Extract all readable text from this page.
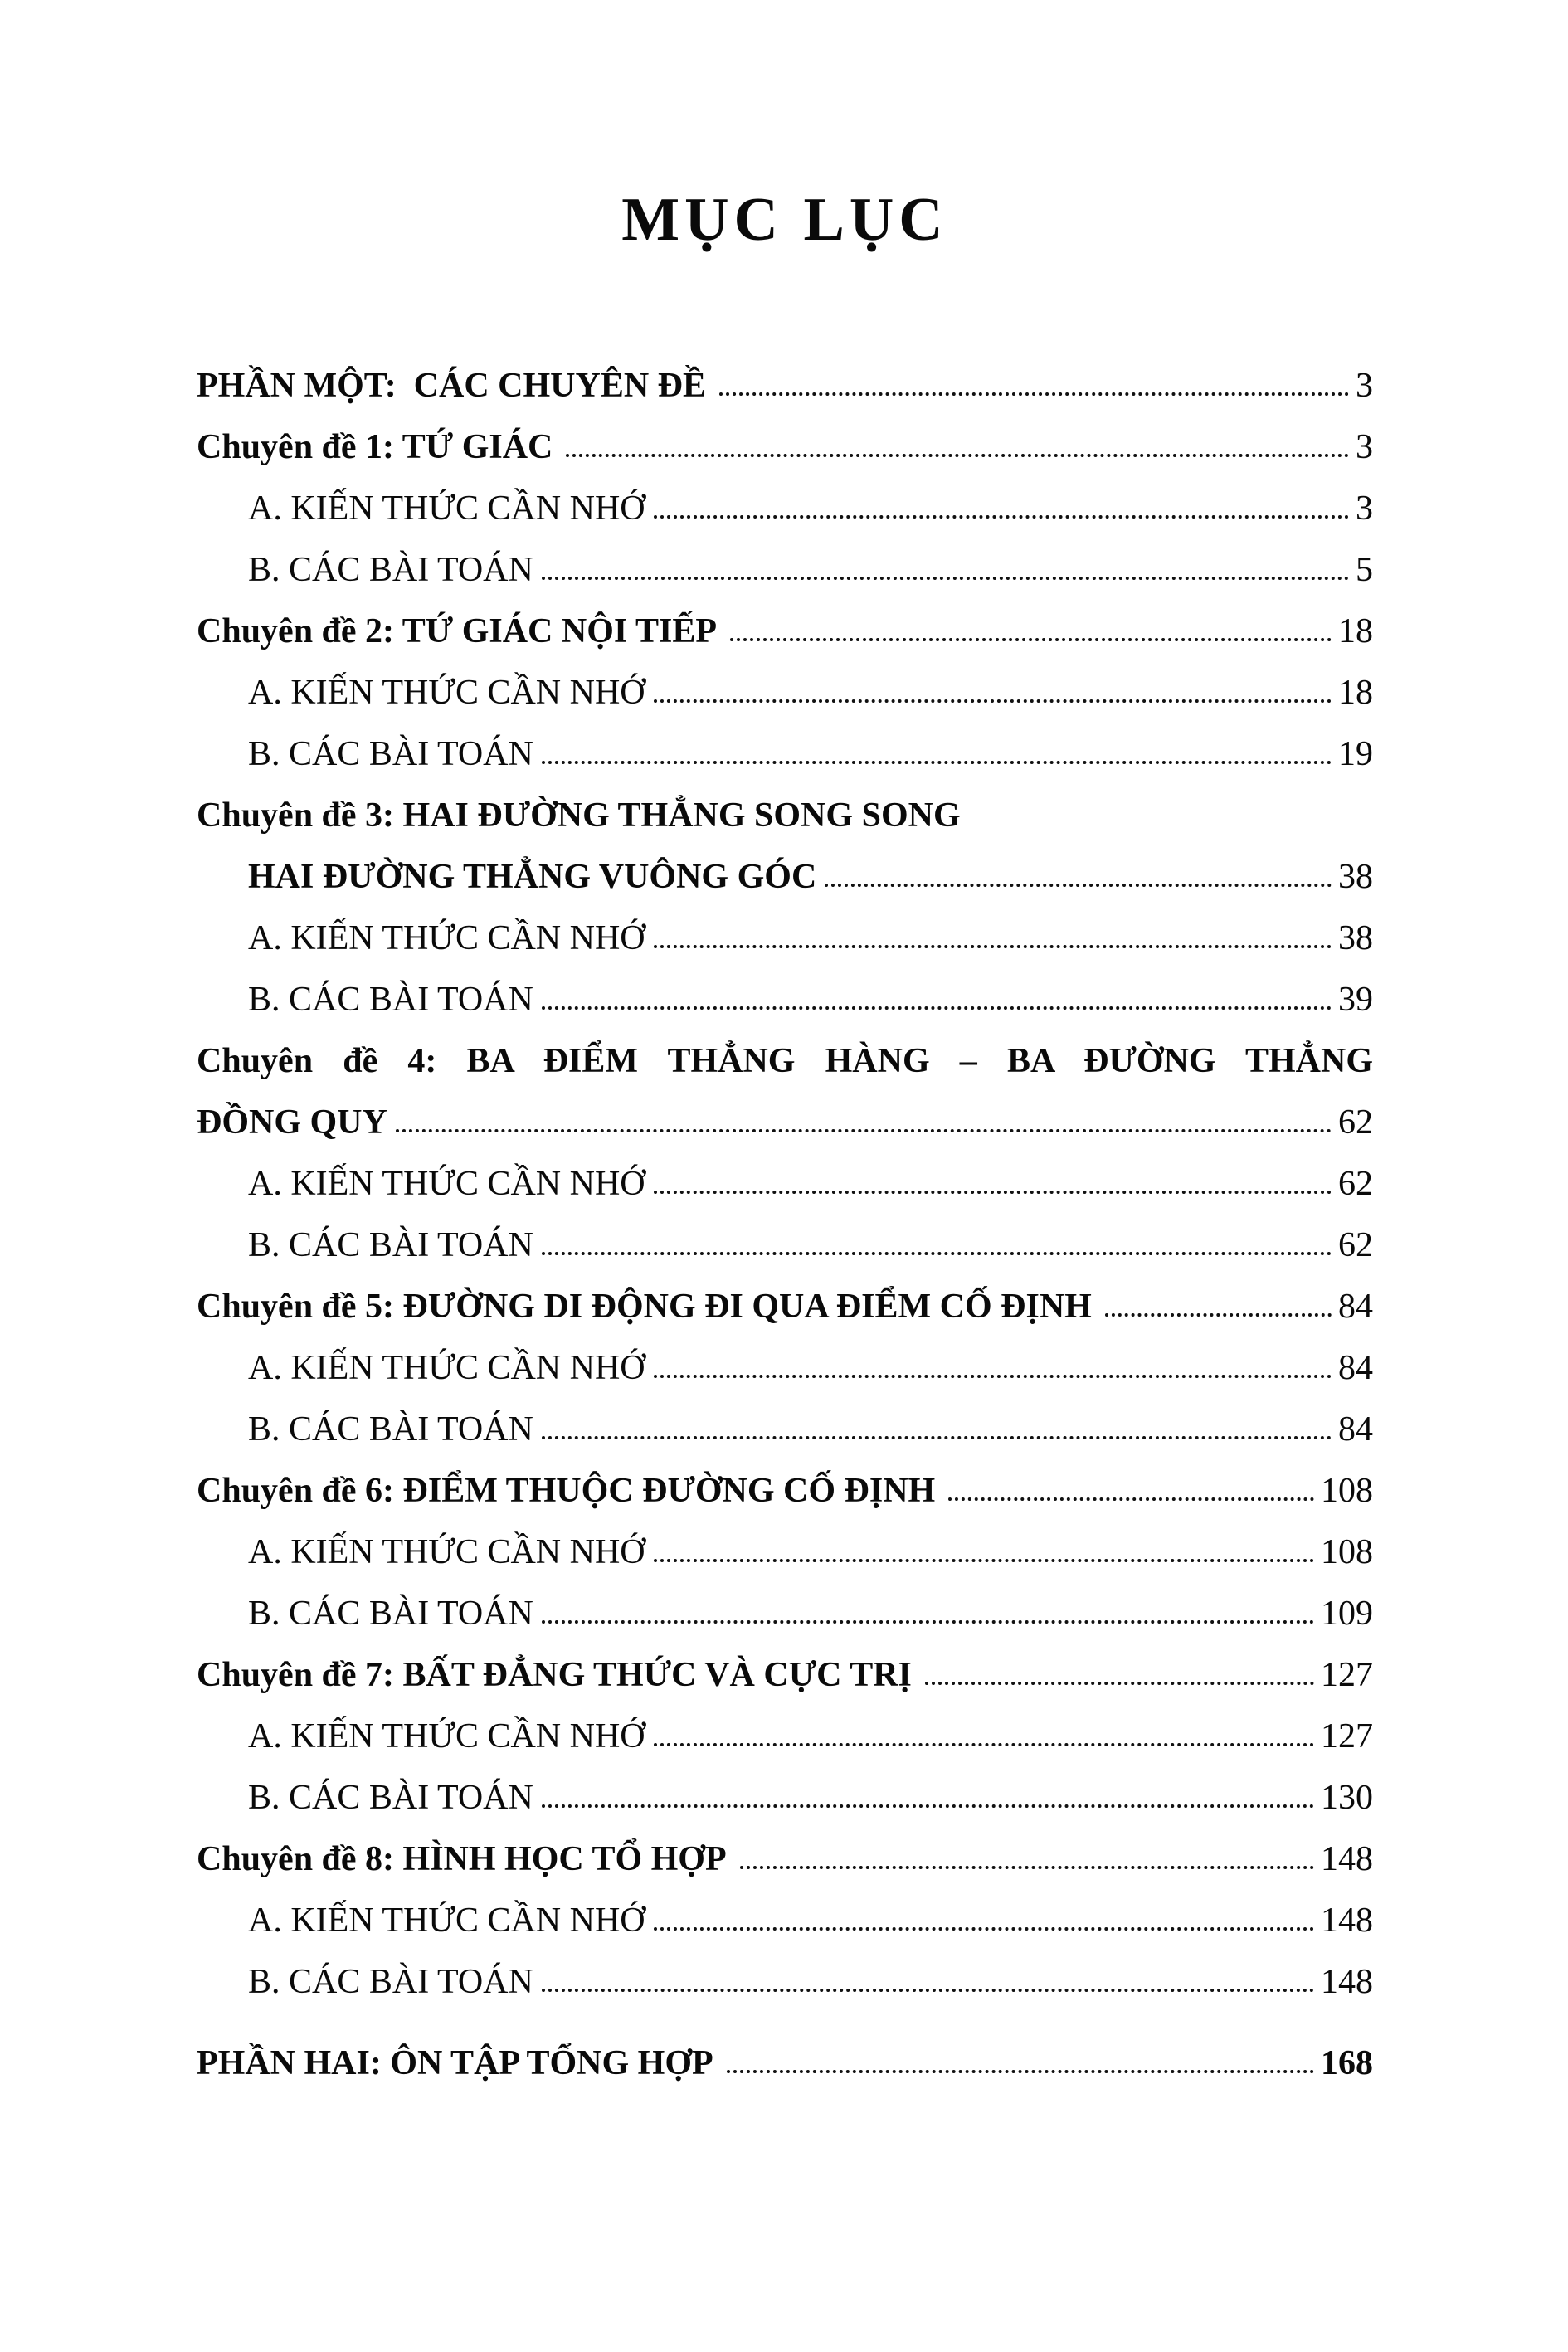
MỤC LỤC
PHẦN MỘT:  CÁC CHUYÊN ĐỀ	3
Chuyên đề 1: TỨ GIÁC	3
A. KIẾN THỨC CẦN NHỚ	3
B. CÁC BÀI TOÁN	5
Chuyên đề 2: TỨ GIÁC NỘI TIẾP	18
A. KIẾN THỨC CẦN NHỚ	18
B. CÁC BÀI TOÁN	19
Chuyên đề 3: HAI ĐƯỜNG THẲNG SONG SONG
HAI ĐƯỜNG THẲNG VUÔNG GÓC	38
A. KIẾN THỨC CẦN NHỚ	38
B. CÁC BÀI TOÁN	39
Chuyên đề 4: BA ĐIỂM THẲNG HÀNG – BA ĐƯỜNG THẲNG
ĐỒNG QUY	62
A. KIẾN THỨC CẦN NHỚ	62
B. CÁC BÀI TOÁN	62
Chuyên đề 5: ĐƯỜNG DI ĐỘNG ĐI QUA ĐIỂM CỐ ĐỊNH	84
A. KIẾN THỨC CẦN NHỚ	84
B. CÁC BÀI TOÁN	84
Chuyên đề 6: ĐIỂM THUỘC ĐƯỜNG CỐ ĐỊNH	108
A. KIẾN THỨC CẦN NHỚ	108
B. CÁC BÀI TOÁN	109
Chuyên đề 7: BẤT ĐẲNG THỨC VÀ CỰC TRỊ	127
A. KIẾN THỨC CẦN NHỚ	127
B. CÁC BÀI TOÁN	130
Chuyên đề 8: HÌNH HỌC TỔ HỢP	148
A. KIẾN THỨC CẦN NHỚ	148
B. CÁC BÀI TOÁN	148
PHẦN HAI: ÔN TẬP TỔNG HỢP	168
